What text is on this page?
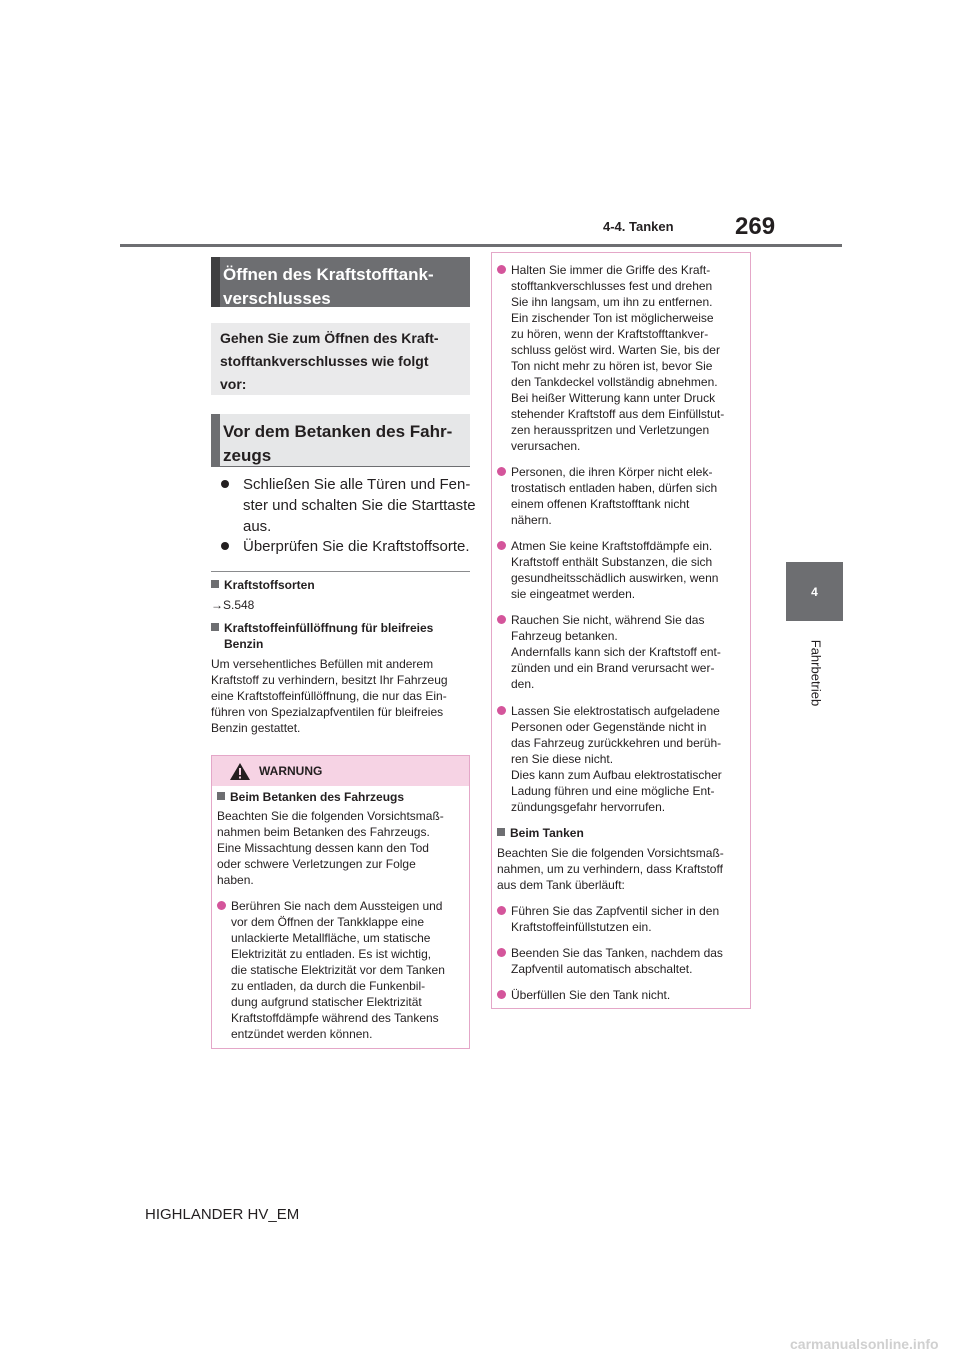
4-4. Tanken	269
4
Fahrbetrieb
Öffnen des Kraftstofftank-
verschlusses
Gehen Sie zum Öffnen des Kraft-
stofftankverschlusses wie folgt
vor:
Vor dem Betanken des Fahr-
zeugs
Schließen Sie alle Türen und Fen-
ster und schalten Sie die Starttaste
aus.
Überprüfen Sie die Kraftstoffsorte.
Kraftstoffsorten
→S.548
Kraftstoffeinfüllöffnung für bleifreies
Benzin
Um versehentliches Befüllen mit anderem
Kraftstoff zu verhindern, besitzt Ihr Fahrzeug
eine Kraftstoffeinfüllöffnung, die nur das Ein-
führen von Spezialzapfventilen für bleifreies
Benzin gestattet.
WARNUNG
Beim Betanken des Fahrzeugs
Beachten Sie die folgenden Vorsichtsmaß-
nahmen beim Betanken des Fahrzeugs.
Eine Missachtung dessen kann den Tod
oder schwere Verletzungen zur Folge
haben.
Berühren Sie nach dem Aussteigen und
vor dem Öffnen der Tankklappe eine
unlackierte Metallfläche, um statische
Elektrizität zu entladen. Es ist wichtig,
die statische Elektrizität vor dem Tanken
zu entladen, da durch die Funkenbil-
dung aufgrund statischer Elektrizität
Kraftstoffdämpfe während des Tankens
entzündet werden können.
Halten Sie immer die Griffe des Kraft-
stofftankverschlusses fest und drehen
Sie ihn langsam, um ihn zu entfernen.
Ein zischender Ton ist möglicherweise
zu hören, wenn der Kraftstofftankver-
schluss gelöst wird. Warten Sie, bis der
Ton nicht mehr zu hören ist, bevor Sie
den Tankdeckel vollständig abnehmen.
Bei heißer Witterung kann unter Druck
stehender Kraftstoff aus dem Einfüllstut-
zen herausspritzen und Verletzungen
verursachen.
Personen, die ihren Körper nicht elek-
trostatisch entladen haben, dürfen sich
einem offenen Kraftstofftank nicht
nähern.
Atmen Sie keine Kraftstoffdämpfe ein.
Kraftstoff enthält Substanzen, die sich
gesundheitsschädlich auswirken, wenn
sie eingeatmet werden.
Rauchen Sie nicht, während Sie das
Fahrzeug betanken.
Andernfalls kann sich der Kraftstoff ent-
zünden und ein Brand verursacht wer-
den.
Lassen Sie elektrostatisch aufgeladene
Personen oder Gegenstände nicht in
das Fahrzeug zurückkehren und berüh-
ren Sie diese nicht.
Dies kann zum Aufbau elektrostatischer
Ladung führen und eine mögliche Ent-
zündungsgefahr hervorrufen.
Beim Tanken
Beachten Sie die folgenden Vorsichtsmaß-
nahmen, um zu verhindern, dass Kraftstoff
aus dem Tank überläuft:
Führen Sie das Zapfventil sicher in den
Kraftstoffeinfüllstutzen ein.
Beenden Sie das Tanken, nachdem das
Zapfventil automatisch abschaltet.
Überfüllen Sie den Tank nicht.
HIGHLANDER HV_EM
carmanualsonline.info
